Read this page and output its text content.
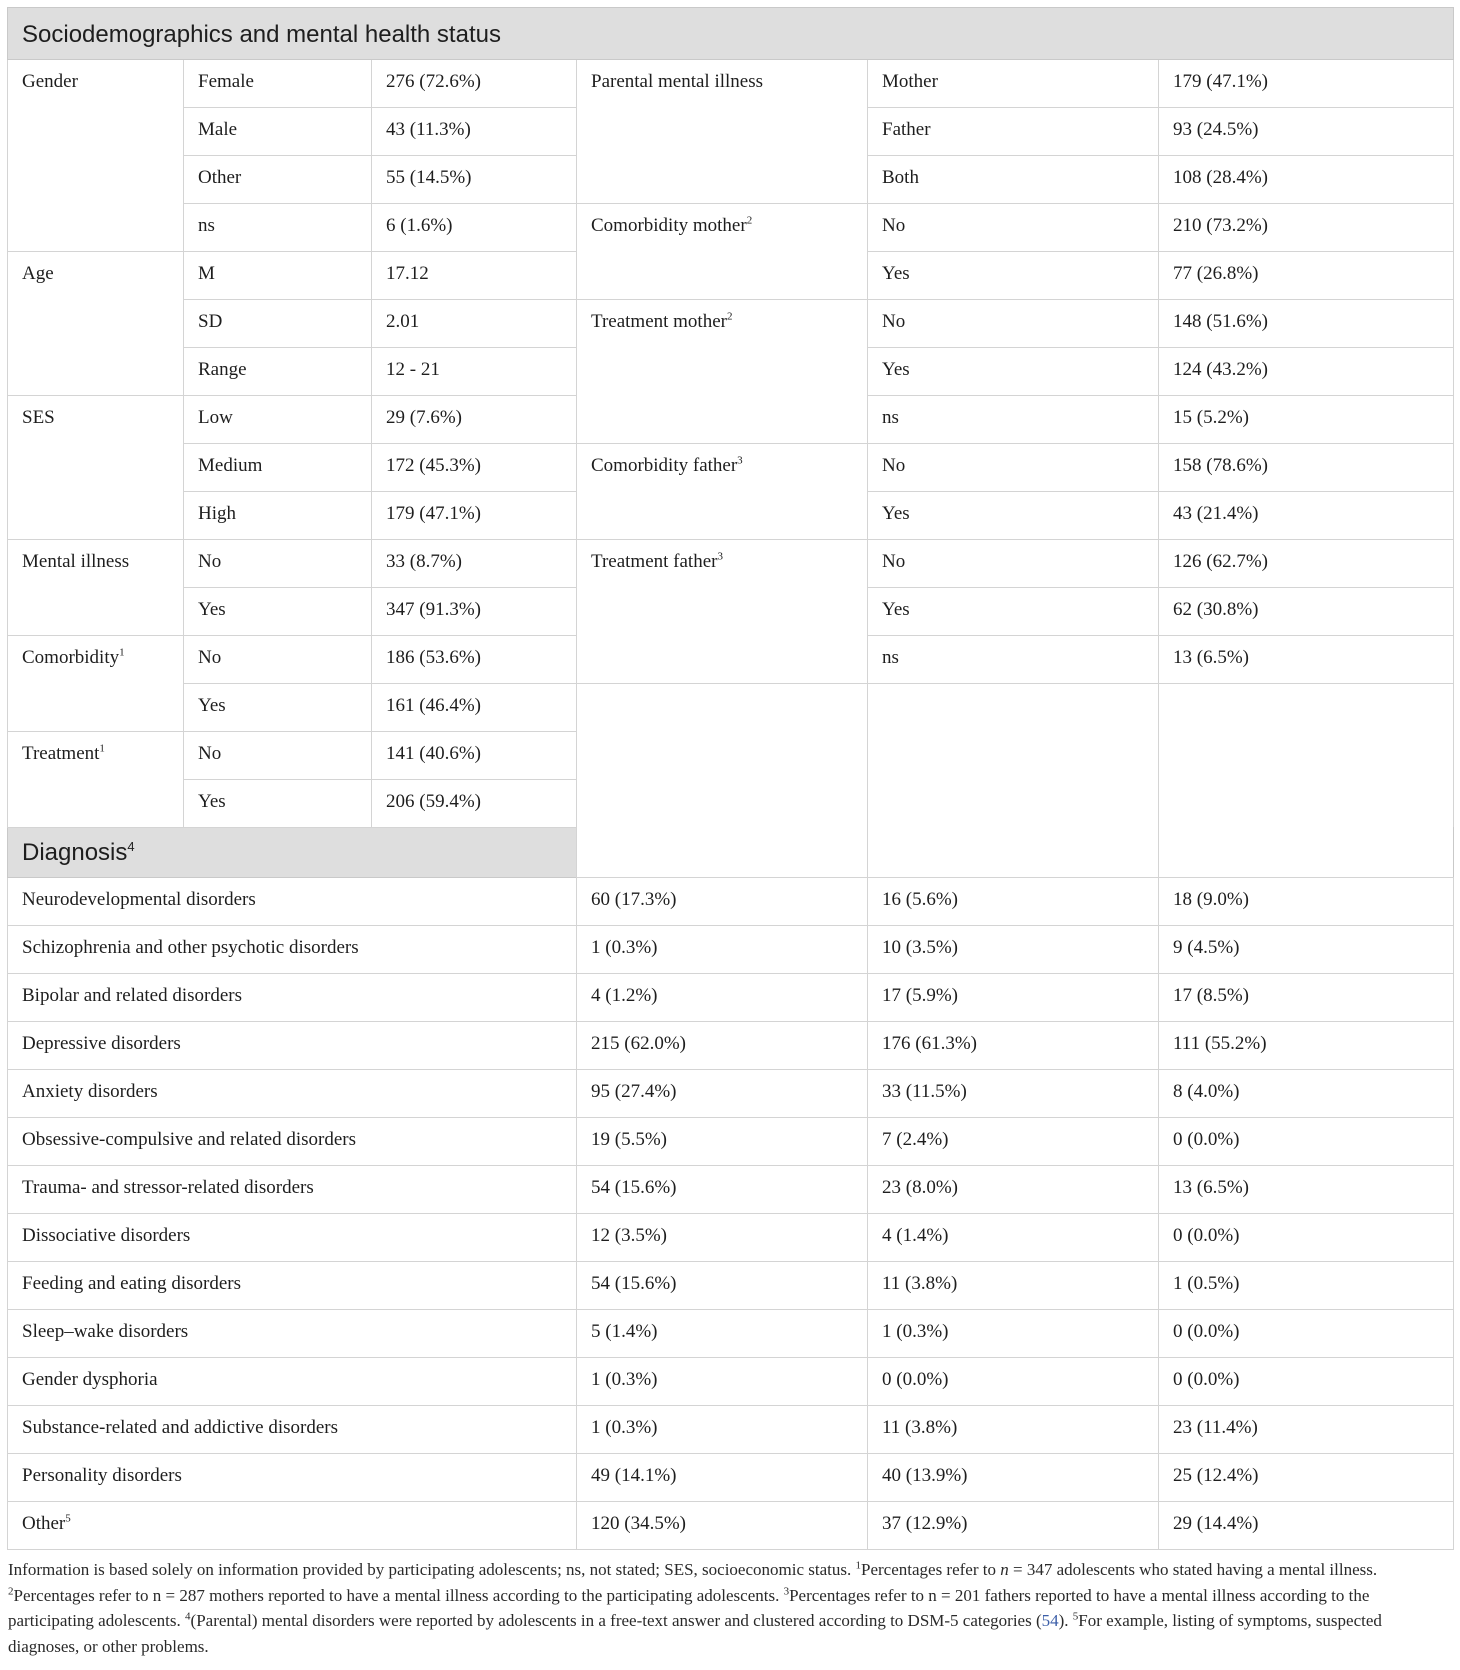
Sociodemographics and mental health status						
Gender	Female	276 (72.6%)	Parental mental illness	Mother	179 (47.1%)	
	Male	43 (11.3%)		Father	93 (24.5%)	
	Other	55 (14.5%)		Both	108 (28.4%)	
	ns	6 (1.6%)	Comorbidity mother$^2$	No	210 (73.2%)	
Age	M	17.12		Yes	77 (26.8%)	
	SD	2.01	Treatment mother$^2$	No	148 (51.6%)	
	Range	12 - 21		Yes	124 (43.2%)	
SES	Low	29 (7.6%)		ns	15 (5.2%)	
	Medium	172 (45.3%)	Comorbidity father$^3$	No	158 (78.6%)	
	High	179 (47.1%)		Yes	43 (21.4%)	
Mental illness	No	33 (8.7%)	Treatment father$^3$	No	126 (62.7%)	
	Yes	347 (91.3%)		Yes	62 (30.8%)	
Comorbidity$^1$	No	186 (53.6%)		ns	13 (6.5%)	
	Yes	161 (46.4%)				
Treatment$^1$	No	141 (40.6%)				
	Yes	206 (59.4%)				
Diagnosis$^4$			
Neurodevelopmental disorders			60 (17.3%)	16 (5.6%)	18 (9.0%)	
Schizophrenia and other psychotic disorders			1 (0.3%)	10 (3.5%)	9 (4.5%)	
Bipolar and related disorders			4 (1.2%)	17 (5.9%)	17 (8.5%)	
Depressive disorders			215 (62.0%)	176 (61.3%)	111 (55.2%)	
Anxiety disorders			95 (27.4%)	33 (11.5%)	8 (4.0%)	
Obsessive-compulsive and related disorders			19 (5.5%)	7 (2.4%)	0 (0.0%)	
Trauma- and stressor-related disorders			54 (15.6%)	23 (8.0%)	13 (6.5%)	
Dissociative disorders			12 (3.5%)	4 (1.4%)	0 (0.0%)	
Feeding and eating disorders			54 (15.6%)	11 (3.8%)	1 (0.5%)	
Sleep–wake disorders			5 (1.4%)	1 (0.3%)	0 (0.0%)	
Gender dysphoria			1 (0.3%)	0 (0.0%)	0 (0.0%)	
Substance-related and addictive disorders			1 (0.3%)	11 (3.8%)	23 (11.4%)	
Personality disorders			49 (14.1%)	40 (13.9%)	25 (12.4%)	
Other$^5$			120 (34.5%)	37 (12.9%)	29 (14.4%)	
Information is based solely on information provided by participating adolescents; ns, not stated; SES, socioeconomic status. $^1$Percentages refer to n = 347 adolescents who stated having a mental illness. $^2$Percentages refer to n = 287 mothers reported to have a mental illness according to the participating adolescents. $^3$Percentages refer to n = 201 fathers reported to have a mental illness according to the participating adolescents. $^4$(Parental) mental disorders were reported by adolescents in a free-text answer and clustered according to DSM-5 categories (54). $^5$For example, listing of symptoms, suspected diagnoses, or other problems.
